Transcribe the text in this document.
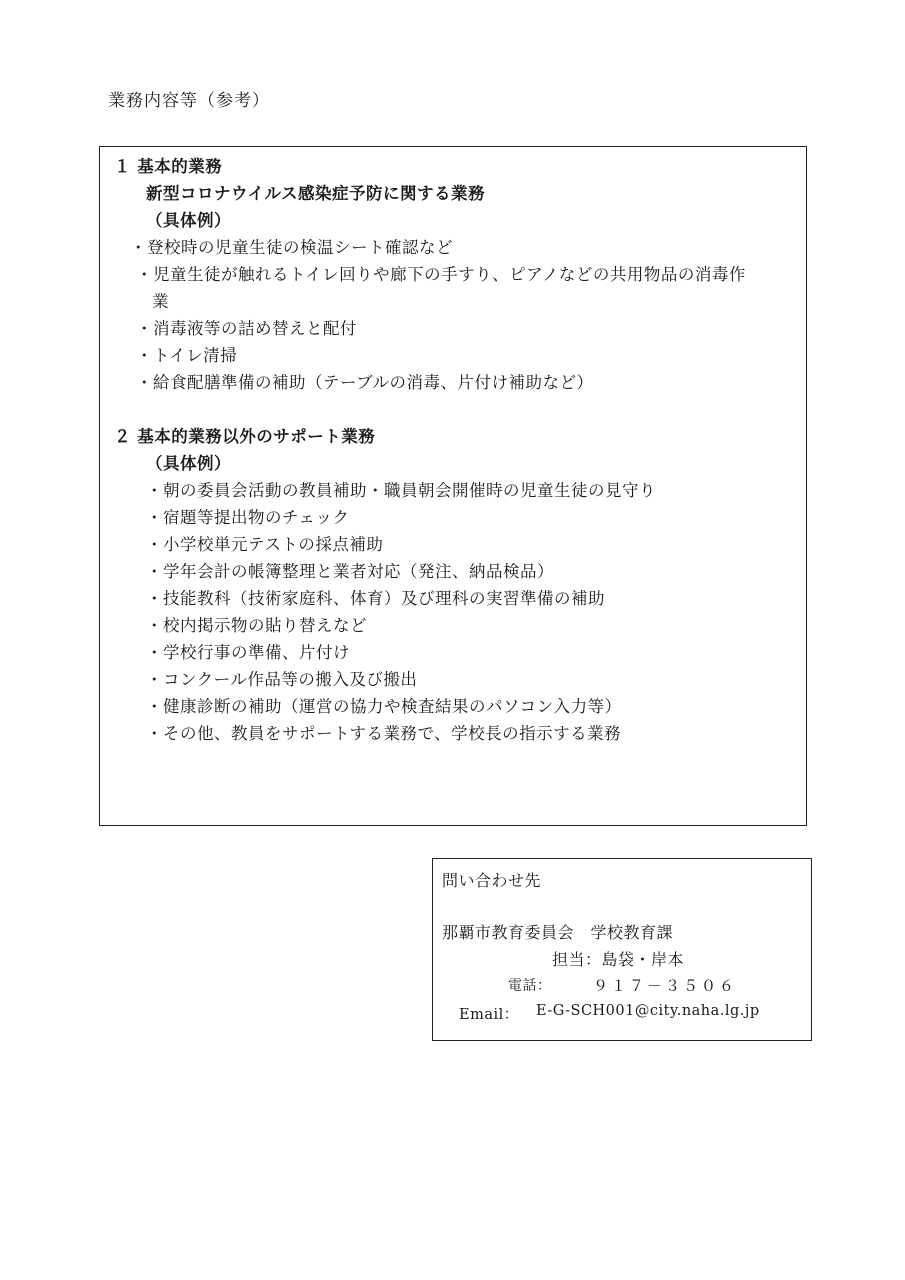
業務内容等（参考）
１ 基本的業務
新型コロナウイルス感染症予防に関する業務
（具体例）
・登校時の児童生徒の検温シート確認など
・児童生徒が触れるトイレ回りや廊下の手すり、ピアノなどの共用物品の消毒作
業
・消毒液等の詰め替えと配付
・トイレ清掃
・給食配膳準備の補助（テーブルの消毒、片付け補助など）
２ 基本的業務以外のサポート業務
（具体例）
・朝の委員会活動の教員補助・職員朝会開催時の児童生徒の見守り
・宿題等提出物のチェック
・小学校単元テストの採点補助
・学年会計の帳簿整理と業者対応（発注、納品検品）
・技能教科（技術家庭科、体育）及び理科の実習準備の補助
・校内掲示物の貼り替えなど
・学校行事の準備、片付け
・コンクール作品等の搬入及び搬出
・健康診断の補助（運営の協力や検査結果のパソコン入力等）
・その他、教員をサポートする業務で、学校長の指示する業務
問い合わせ先
那覇市教育委員会　学校教育課
担当：島袋・岸本
電話：	９１７－３５０６
Email： E-G-SCH001@city.naha.lg.jp
